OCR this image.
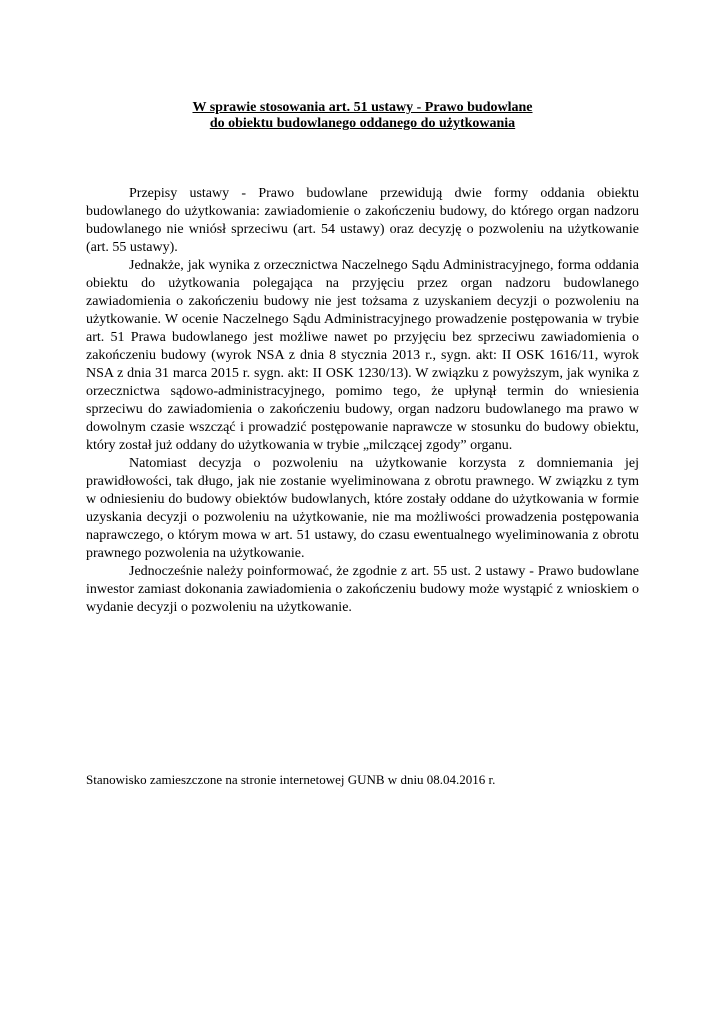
W sprawie stosowania art. 51 ustawy - Prawo budowlane
do obiektu budowlanego oddanego do użytkowania

Przepisy ustawy - Prawo budowlane przewidują dwie formy oddania obiektu budowlanego do użytkowania: zawiadomienie o zakończeniu budowy, do którego organ nadzoru budowlanego nie wniósł sprzeciwu (art. 54 ustawy) oraz decyzję o pozwoleniu na użytkowanie (art. 55 ustawy).

Jednakże, jak wynika z orzecznictwa Naczelnego Sądu Administracyjnego, forma oddania obiektu do użytkowania polegająca na przyjęciu przez organ nadzoru budowlanego zawiadomienia o zakończeniu budowy nie jest tożsama z uzyskaniem decyzji o pozwoleniu na użytkowanie. W ocenie Naczelnego Sądu Administracyjnego prowadzenie postępowania w trybie art. 51 Prawa budowlanego jest możliwe nawet po przyjęciu bez sprzeciwu zawiadomienia o zakończeniu budowy (wyrok NSA z dnia 8 stycznia 2013 r., sygn. akt: II OSK 1616/11, wyrok NSA z dnia 31 marca 2015 r. sygn. akt: II OSK 1230/13). W związku z powyższym, jak wynika z orzecznictwa sądowo-administracyjnego, pomimo tego, że upłynął termin do wniesienia sprzeciwu do zawiadomienia o zakończeniu budowy, organ nadzoru budowlanego ma prawo w dowolnym czasie wszcząć i prowadzić postępowanie naprawcze w stosunku do budowy obiektu, który został już oddany do użytkowania w trybie „milczącej zgody” organu.

Natomiast decyzja o pozwoleniu na użytkowanie korzysta z domniemania jej prawidłowości, tak długo, jak nie zostanie wyeliminowana z obrotu prawnego. W związku z tym w odniesieniu do budowy obiektów budowlanych, które zostały oddane do użytkowania w formie uzyskania decyzji o pozwoleniu na użytkowanie, nie ma możliwości prowadzenia postępowania naprawczego, o którym mowa w art. 51 ustawy, do czasu ewentualnego wyeliminowania z obrotu prawnego pozwolenia na użytkowanie.

Jednocześnie należy poinformować, że zgodnie z art. 55 ust. 2 ustawy - Prawo budowlane inwestor zamiast dokonania zawiadomienia o zakończeniu budowy może wystąpić z wnioskiem o wydanie decyzji o pozwoleniu na użytkowanie.

Stanowisko zamieszczone na stronie internetowej GUNB w dniu 08.04.2016 r.
